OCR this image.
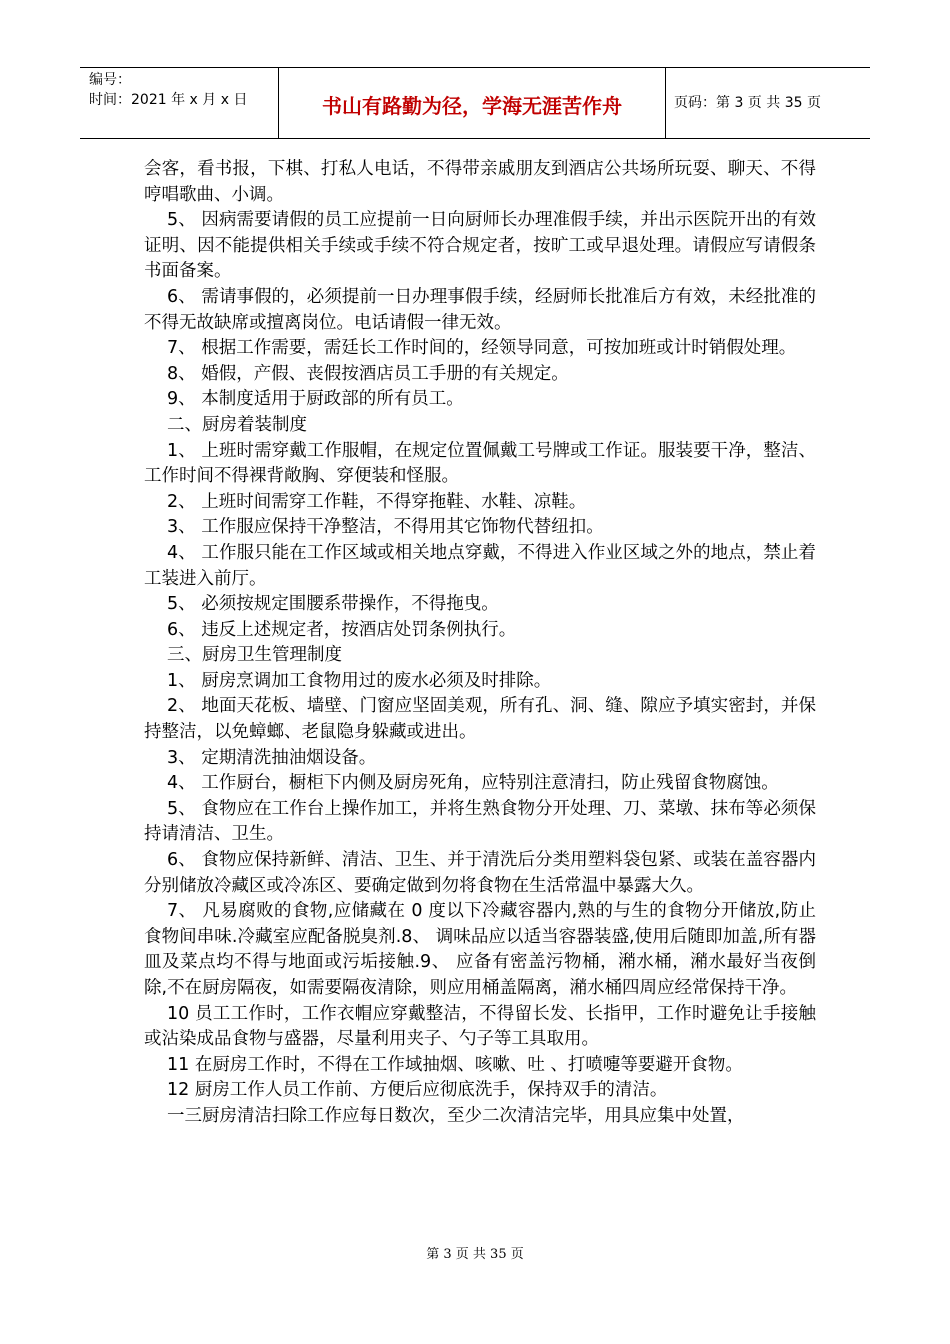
编号：
时间：2021 年 x 月 x 日	书山有路勤为径，学海无涯苦作舟	页码：第 3 页 共 35 页

会客，看书报，下棋、打私人电话，不得带亲戚朋友到酒店公共场所玩耍、聊天、不得哼唱歌曲、小调。

5、 因病需要请假的员工应提前一日向厨师长办理准假手续，并出示医院开出的有效证明、因不能提供相关手续或手续不符合规定者，按旷工或早退处理。请假应写请假条书面备案。

6、 需请事假的，必须提前一日办理事假手续，经厨师长批准后方有效，未经批准的不得无故缺席或擅离岗位。电话请假一律无效。

7、 根据工作需要，需廷长工作时间的，经领导同意，可按加班或计时销假处理。

8、 婚假，产假、丧假按酒店员工手册的有关规定。

9、 本制度适用于厨政部的所有员工。

二、厨房着装制度

1、 上班时需穿戴工作服帽，在规定位置佩戴工号牌或工作证。服装要干净，整洁、工作时间不得裸背敞胸、穿便装和怪服。

2、 上班时间需穿工作鞋，不得穿拖鞋、水鞋、凉鞋。

3、 工作服应保持干净整洁，不得用其它饰物代替纽扣。

4、 工作服只能在工作区域或相关地点穿戴，不得进入作业区域之外的地点，禁止着工装进入前厅。

5、 必须按规定围腰系带操作，不得拖曳。

6、 违反上述规定者，按酒店处罚条例执行。

三、厨房卫生管理制度

1、 厨房烹调加工食物用过的废水必须及时排除。

2、 地面天花板、墙壁、门窗应坚固美观，所有孔、洞、缝、隙应予填实密封，并保持整洁，以免蟑螂、老鼠隐身躲藏或进出。

3、 定期清洗抽油烟设备。

4、 工作厨台，橱柜下内侧及厨房死角，应特别注意清扫，防止残留食物腐蚀。

5、 食物应在工作台上操作加工，并将生熟食物分开处理、刀、菜墩、抹布等必须保持请清洁、卫生。

6、 食物应保持新鲜、清洁、卫生、并于清洗后分类用塑料袋包紧、或装在盖容器内分别储放冷藏区或冷冻区、要确定做到勿将食物在生活常温中暴露大久。

7、 凡易腐败的食物,应储藏在 0 度以下冷藏容器内,熟的与生的食物分开储放,防止食物间串味.冷藏室应配备脱臭剂.8、 调味品应以适当容器装盛,使用后随即加盖,所有器皿及菜点均不得与地面或污垢接触.9、 应备有密盖污物桶，潲水桶，潲水最好当夜倒除,不在厨房隔夜，如需要隔夜清除，则应用桶盖隔离，潲水桶四周应经常保持干净。

10 员工工作时，工作衣帽应穿戴整洁，不得留长发、长指甲，工作时避免让手接触或沾染成品食物与盛器，尽量利用夹子、勺子等工具取用。

11 在厨房工作时，不得在工作域抽烟、咳嗽、吐 、打喷嚏等要避开食物。

12 厨房工作人员工作前、方便后应彻底洗手，保持双手的清洁。

一三厨房清洁扫除工作应每日数次，至少二次清洁完毕，用具应集中处置，

第 3 页 共 35 页
